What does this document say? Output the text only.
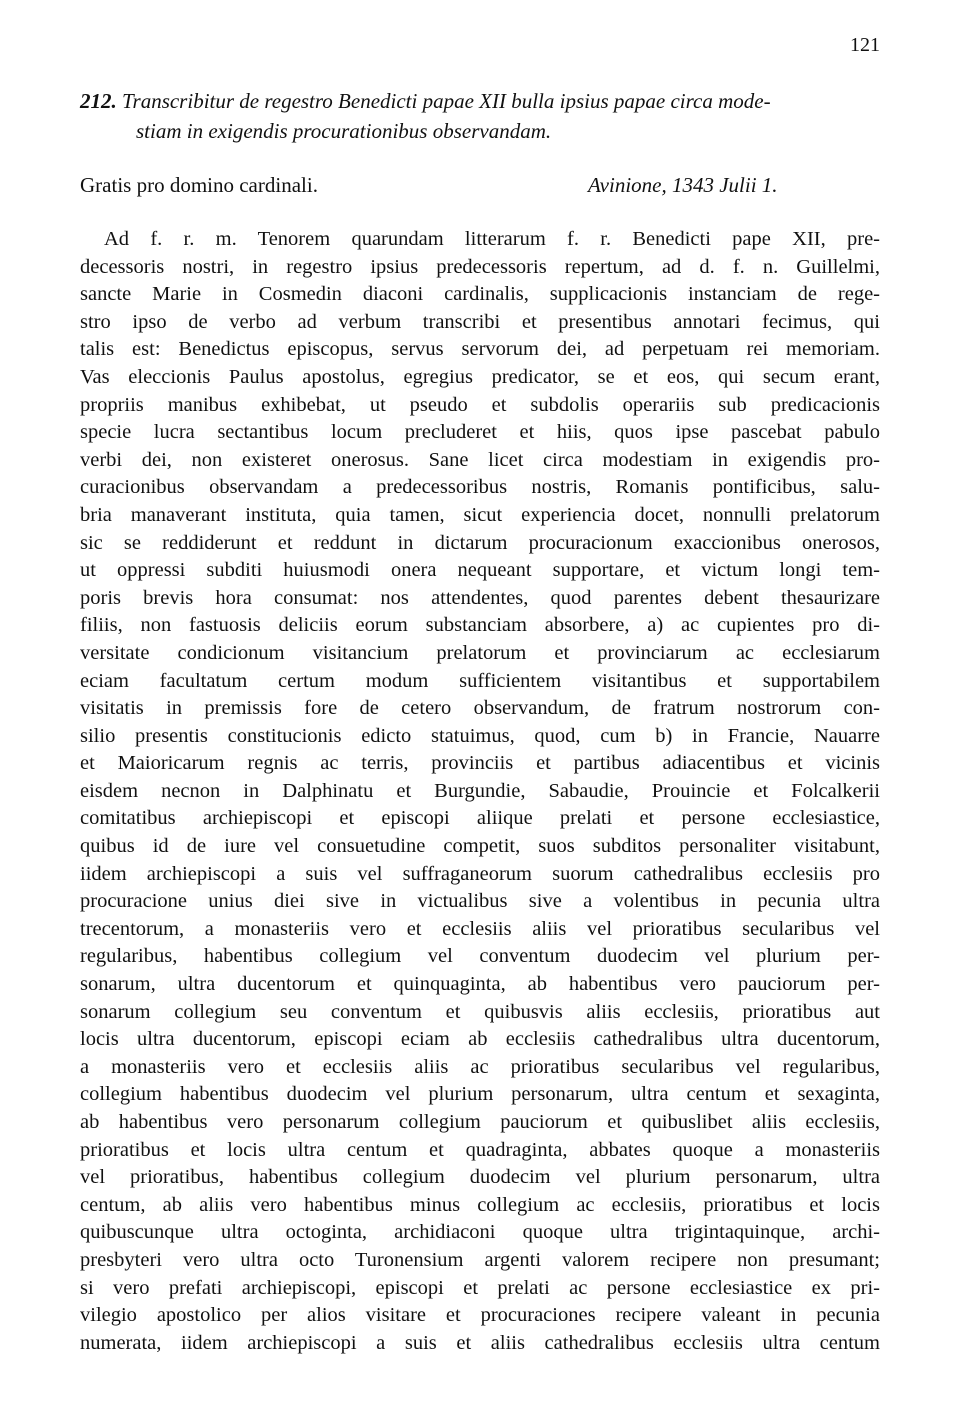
121
212. Transcribitur de regestro Benedicti papae XII bulla ipsius papae circa mode-
stiam in exigendis procurationibus observandam.
Gratis pro domino cardinali.	Avinione, 1343 Julii 1.
Ad f. r. m. Tenorem quarundam litterarum f. r. Benedicti pape XII, pre-
decessoris nostri, in regestro ipsius predecessoris repertum, ad d. f. n. Guillelmi,
sancte Marie in Cosmedin diaconi cardinalis, supplicacionis instanciam de rege-
stro ipso de verbo ad verbum transcribi et presentibus annotari fecimus, qui
talis est: Benedictus episcopus, servus servorum dei, ad perpetuam rei memoriam.
Vas eleccionis Paulus apostolus, egregius predicator, se et eos, qui secum erant,
propriis manibus exhibebat, ut pseudo et subdolis operariis sub predicacionis
specie lucra sectantibus locum precluderet et hiis, quos ipse pascebat pabulo
verbi dei, non existeret onerosus. Sane licet circa modestiam in exigendis pro-
curacionibus observandam a predecessoribus nostris, Romanis pontificibus, salu-
bria manaverant instituta, quia tamen, sicut experiencia docet, nonnulli prelatorum
sic se reddiderunt et reddunt in dictarum procuracionum exaccionibus onerosos,
ut oppressi subditi huiusmodi onera nequeant supportare, et victum longi tem-
poris brevis hora consumat: nos attendentes, quod parentes debent thesaurizare
filiis, non fastuosis deliciis eorum substanciam absorbere, a) ac cupientes pro di-
versitate condicionum visitancium prelatorum et provinciarum ac ecclesiarum
eciam facultatum certum modum sufficientem visitantibus et supportabilem
visitatis in premissis fore de cetero observandum, de fratrum nostrorum con-
silio presentis constitucionis edicto statuimus, quod, cum b) in Francie, Nauarre
et Maioricarum regnis ac terris, provinciis et partibus adiacentibus et vicinis
eisdem necnon in Dalphinatu et Burgundie, Sabaudie, Prouincie et Folcalkerii
comitatibus archiepiscopi et episcopi aliique prelati et persone ecclesiastice,
quibus id de iure vel consuetudine competit, suos subditos personaliter visitabunt,
iidem archiepiscopi a suis vel suffraganeorum suorum cathedralibus ecclesiis pro
procuracione unius diei sive in victualibus sive a volentibus in pecunia ultra
trecentorum, a monasteriis vero et ecclesiis aliis vel prioratibus secularibus vel
regularibus, habentibus collegium vel conventum duodecim vel plurium per-
sonarum, ultra ducentorum et quinquaginta, ab habentibus vero pauciorum per-
sonarum collegium seu conventum et quibusvis aliis ecclesiis, prioratibus aut
locis ultra ducentorum, episcopi eciam ab ecclesiis cathedralibus ultra ducentorum,
a monasteriis vero et ecclesiis aliis ac prioratibus secularibus vel regularibus,
collegium habentibus duodecim vel plurium personarum, ultra centum et sexaginta,
ab habentibus vero personarum collegium pauciorum et quibuslibet aliis ecclesiis,
prioratibus et locis ultra centum et quadraginta, abbates quoque a monasteriis
vel prioratibus, habentibus collegium duodecim vel plurium personarum, ultra
centum, ab aliis vero habentibus minus collegium ac ecclesiis, prioratibus et locis
quibuscunque ultra octoginta, archidiaconi quoque ultra trigintaquinque, archi-
presbyteri vero ultra octo Turonensium argenti valorem recipere non presumant;
si vero prefati archiepiscopi, episcopi et prelati ac persone ecclesiastice ex pri-
vilegio apostolico per alios visitare et procuraciones recipere valeant in pecunia
numerata, iidem archiepiscopi a suis et aliis cathedralibus ecclesiis ultra centum
